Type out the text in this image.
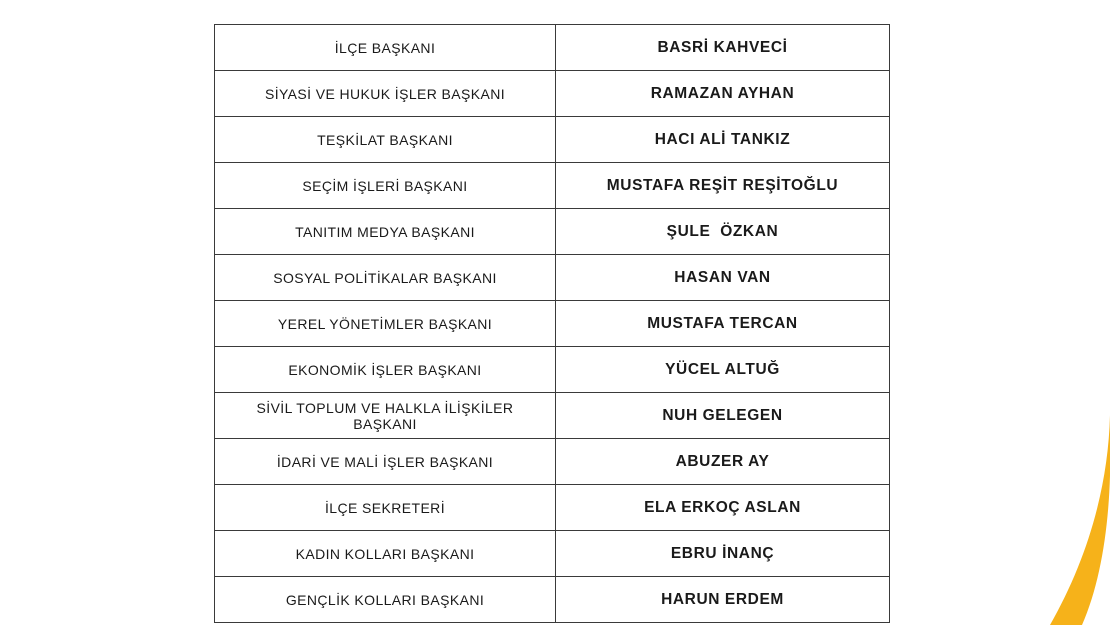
İLÇE BAŞKANI	BASRİ KAHVECİ
SİYASİ VE HUKUK İŞLER BAŞKANI	RAMAZAN AYHAN
TEŞKİLAT BAŞKANI	HACI ALİ TANKIZ
SEÇİM İŞLERİ BAŞKANI	MUSTAFA REŞİT REŞİTOĞLU
TANITIM MEDYA BAŞKANI	ŞULE  ÖZKAN
SOSYAL POLİTİKALAR BAŞKANI	HASAN VAN
YEREL YÖNETİMLER BAŞKANI	MUSTAFA TERCAN
EKONOMİK İŞLER BAŞKANI	YÜCEL ALTUĞ
SİVİL TOPLUM VE HALKLA İLİŞKİLER BAŞKANI	NUH GELEGEN
İDARİ VE MALİ İŞLER BAŞKANI	ABUZER AY
İLÇE SEKRETERİ	ELA ERKOÇ ASLAN
KADIN KOLLARI BAŞKANI	EBRU İNANÇ
GENÇLİK KOLLARI BAŞKANI	HARUN ERDEM
